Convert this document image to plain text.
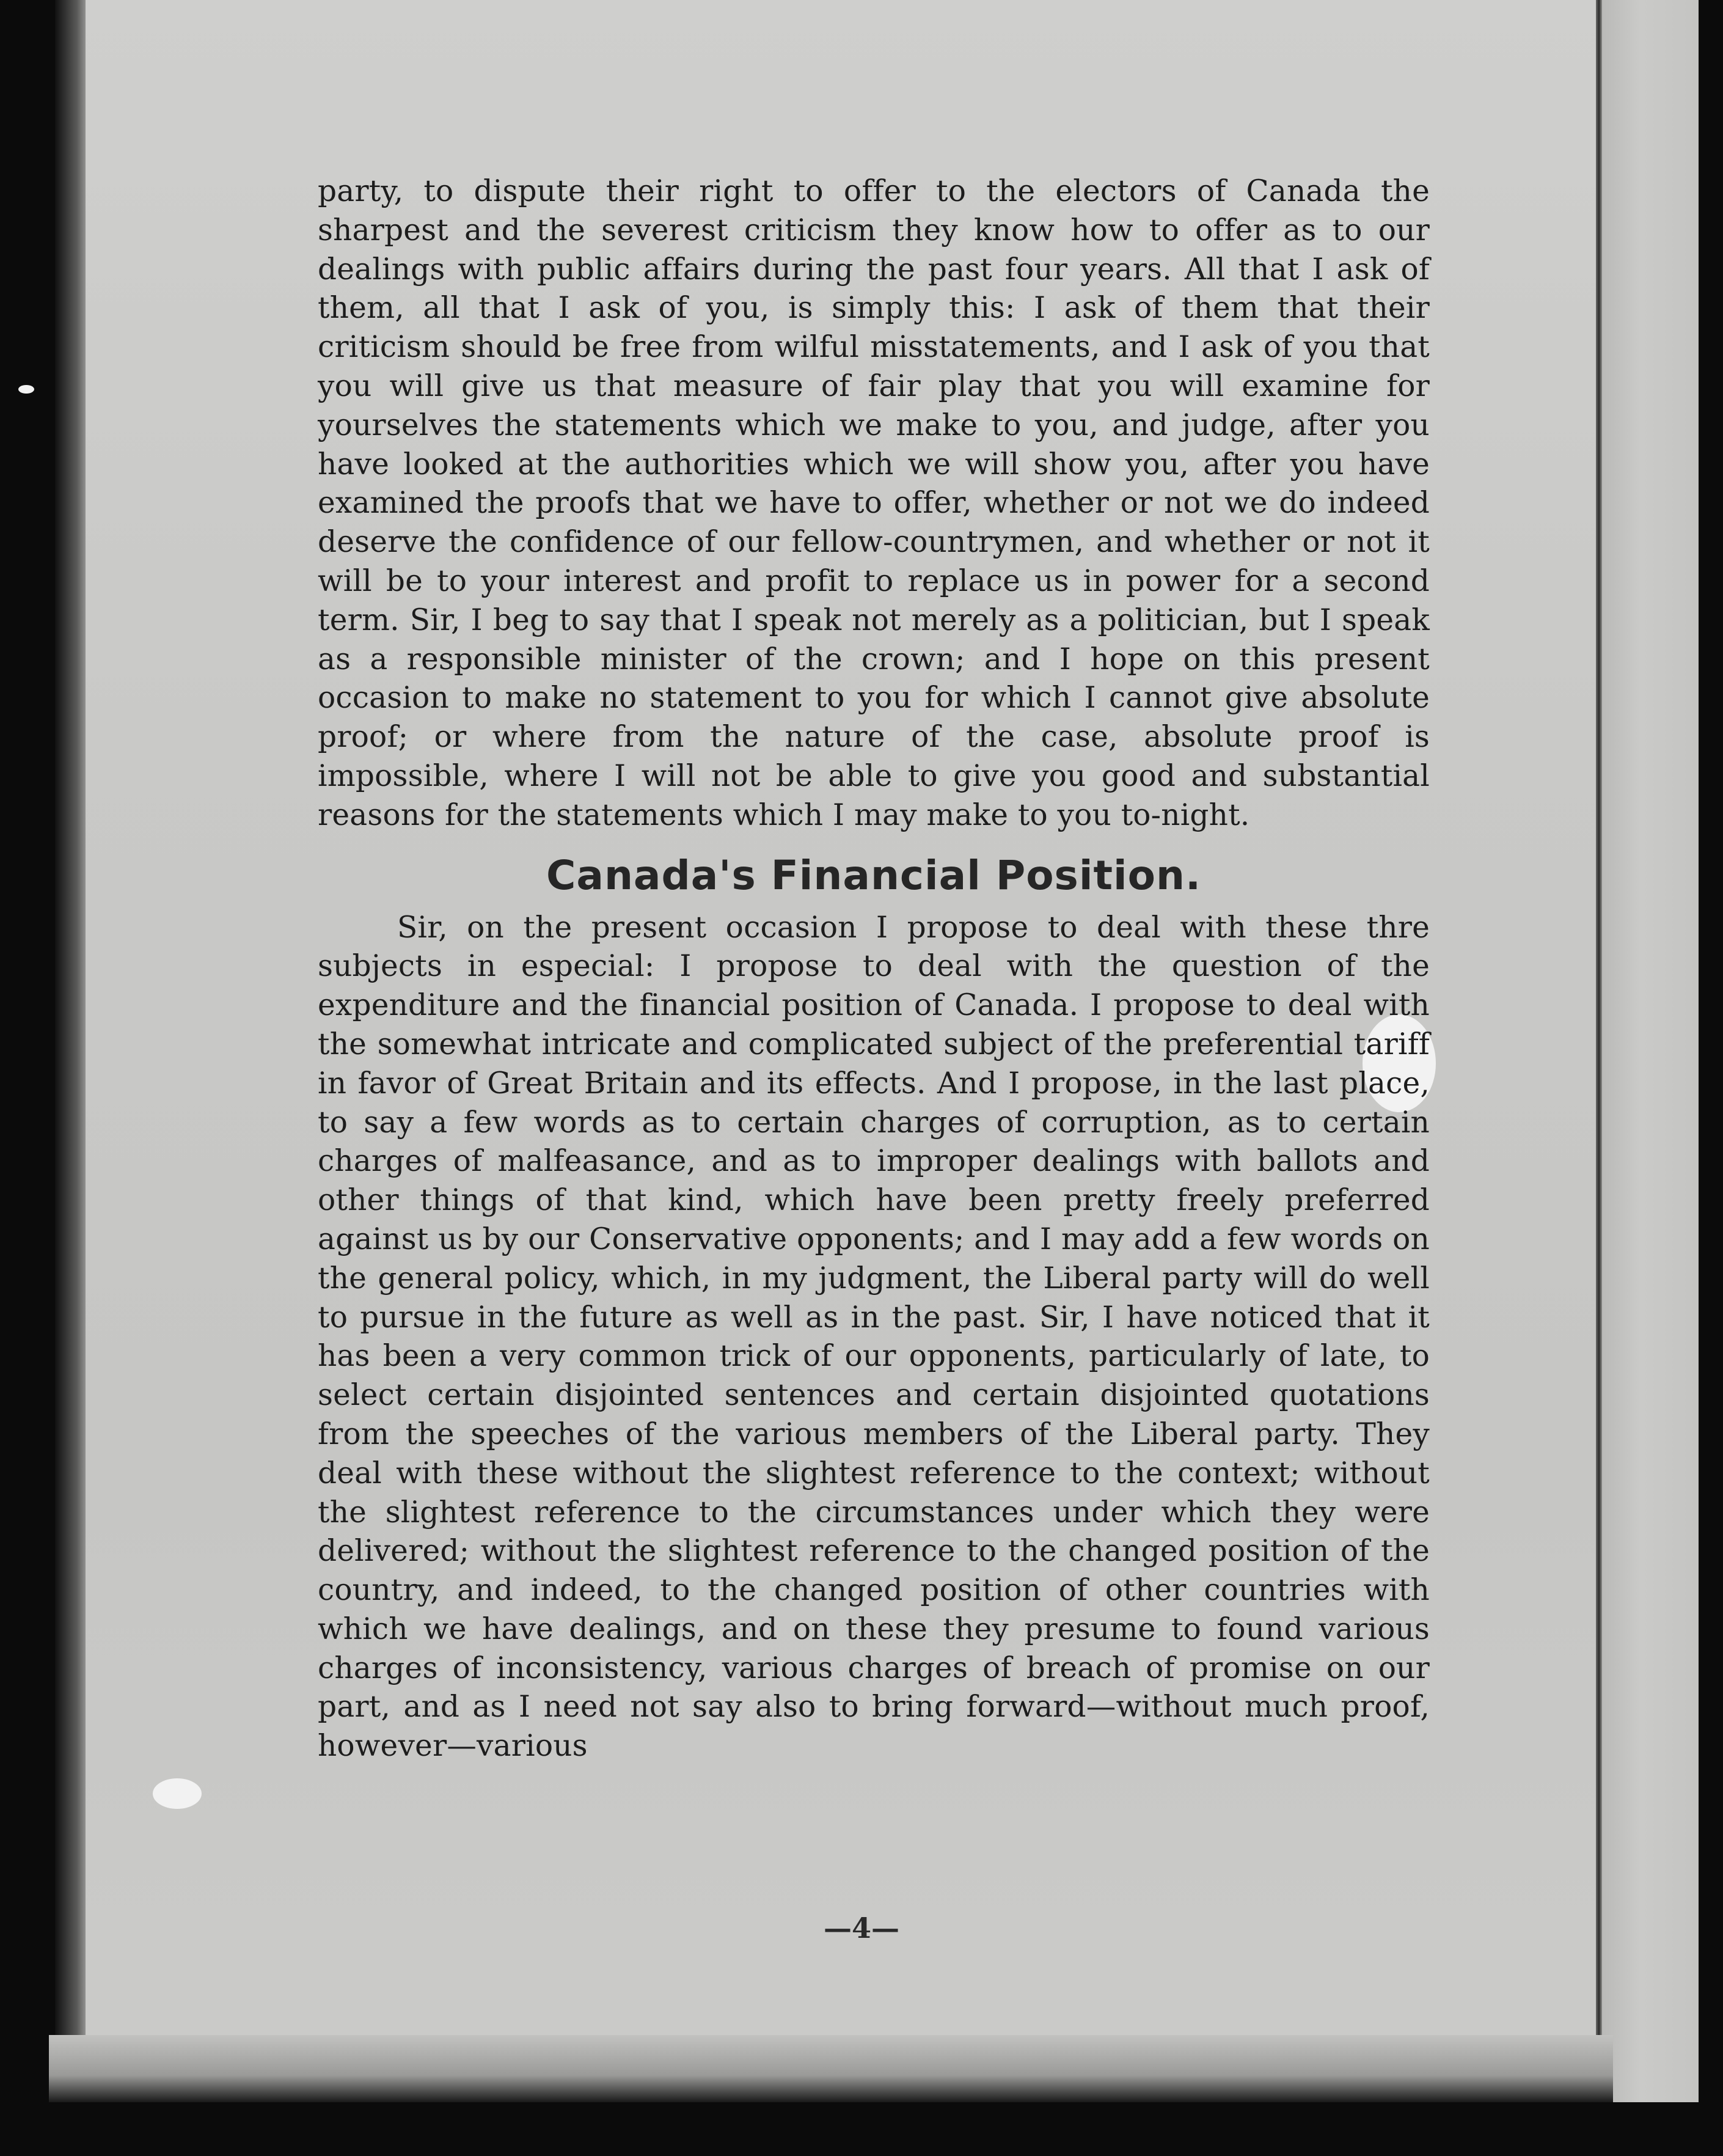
party, to dispute their right to offer to the electors of Canada the sharpest and the severest criticism they know how to offer as to our dealings with public affairs during the past four years. All that I ask of them, all that I ask of you, is simply this: I ask of them that their criticism should be free from wilful misstatements, and I ask of you that you will give us that measure of fair play that you will examine for yourselves the statements which we make to you, and judge, after you have looked at the authorities which we will show you, after you have examined the proofs that we have to offer, whether or not we do indeed deserve the confidence of our fellow-countrymen, and whether or not it will be to your interest and profit to replace us in power for a second term. Sir, I beg to say that I speak not merely as a politician, but I speak as a responsible minister of the crown; and I hope on this present occasion to make no statement to you for which I cannot give absolute proof; or where from the nature of the case, absolute proof is impossible, where I will not be able to give you good and substantial reasons for the statements which I may make to you to-night.

Canada's Financial Position.

Sir, on the present occasion I propose to deal with these thre subjects in especial: I propose to deal with the question of the expenditure and the financial position of Canada. I propose to deal with the somewhat intricate and complicated subject of the preferential tariff in favor of Great Britain and its effects. And I propose, in the last place, to say a few words as to certain charges of corruption, as to certain charges of malfeasance, and as to improper dealings with ballots and other things of that kind, which have been pretty freely preferred against us by our Conservative opponents; and I may add a few words on the general policy, which, in my judgment, the Liberal party will do well to pursue in the future as well as in the past. Sir, I have noticed that it has been a very common trick of our opponents, particularly of late, to select certain disjointed sentences and certain disjointed quotations from the speeches of the various members of the Liberal party. They deal with these without the slightest reference to the context; without the slightest reference to the circumstances under which they were delivered; without the slightest reference to the changed position of the country, and indeed, to the changed position of other countries with which we have dealings, and on these they presume to found various charges of inconsistency, various charges of breach of promise on our part, and as I need not say also to bring forward—without much proof, however—various

—4—
